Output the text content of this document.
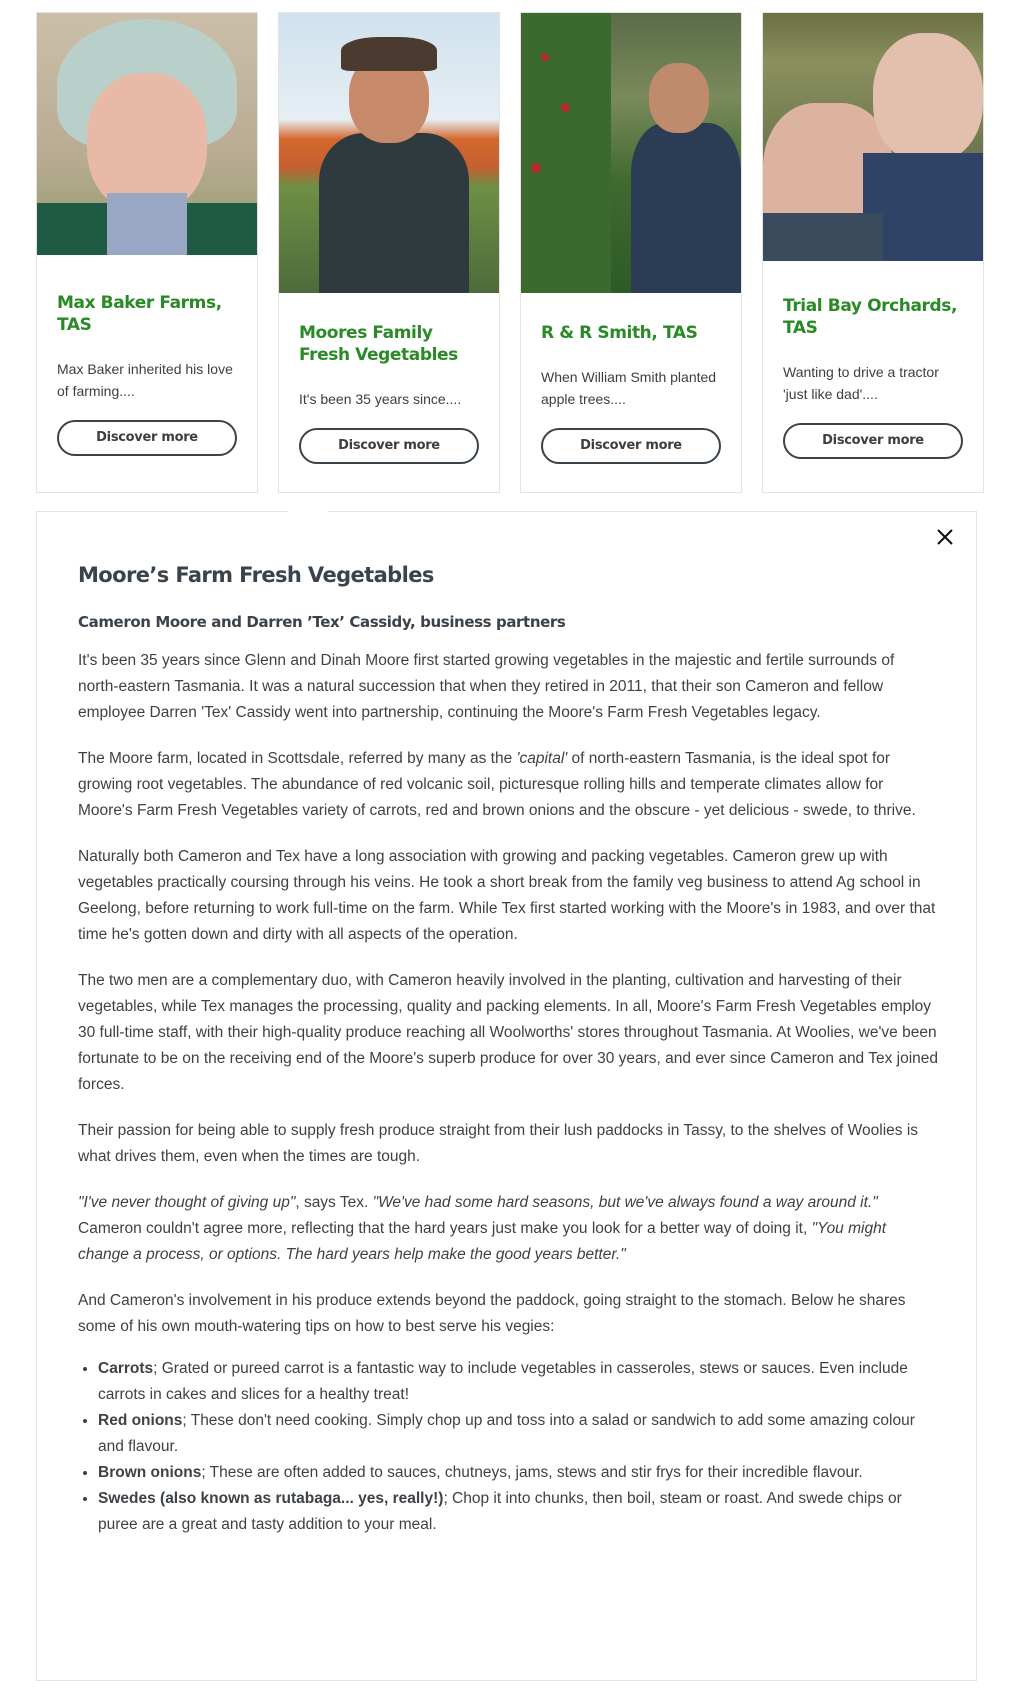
Max Baker Farms, TAS

Max Baker inherited his love of farming....

Discover more
Moores Family Fresh Vegetables

It's been 35 years since....

Discover more
R & R Smith, TAS

When William Smith planted apple trees....

Discover more
Trial Bay Orchards, TAS

Wanting to drive a tractor 'just like dad'....

Discover more
Moore’s Farm Fresh Vegetables
Cameron Moore and Darren ’Tex’ Cassidy, business partners

It's been 35 years since Glenn and Dinah Moore first started growing vegetables in the majestic and fertile surrounds of north-eastern Tasmania. It was a natural succession that when they retired in 2011, that their son Cameron and fellow employee Darren 'Tex' Cassidy went into partnership, continuing the Moore's Farm Fresh Vegetables legacy.

The Moore farm, located in Scottsdale, referred by many as the 'capital' of north-eastern Tasmania, is the ideal spot for growing root vegetables. The abundance of red volcanic soil, picturesque rolling hills and temperate climates allow for Moore's Farm Fresh Vegetables variety of carrots, red and brown onions and the obscure - yet delicious - swede, to thrive.

Naturally both Cameron and Tex have a long association with growing and packing vegetables. Cameron grew up with vegetables practically coursing through his veins. He took a short break from the family veg business to attend Ag school in Geelong, before returning to work full-time on the farm. While Tex first started working with the Moore's in 1983, and over that time he's gotten down and dirty with all aspects of the operation.

The two men are a complementary duo, with Cameron heavily involved in the planting, cultivation and harvesting of their vegetables, while Tex manages the processing, quality and packing elements. In all, Moore's Farm Fresh Vegetables employ 30 full-time staff, with their high-quality produce reaching all Woolworths' stores throughout Tasmania. At Woolies, we've been fortunate to be on the receiving end of the Moore's superb produce for over 30 years, and ever since Cameron and Tex joined forces.

Their passion for being able to supply fresh produce straight from their lush paddocks in Tassy, to the shelves of Woolies is what drives them, even when the times are tough.

"I've never thought of giving up", says Tex. "We've had some hard seasons, but we've always found a way around it." Cameron couldn't agree more, reflecting that the hard years just make you look for a better way of doing it, "You might change a process, or options. The hard years help make the good years better."

And Cameron's involvement in his produce extends beyond the paddock, going straight to the stomach. Below he shares some of his own mouth-watering tips on how to best serve his vegies:

• Carrots; Grated or pureed carrot is a fantastic way to include vegetables in casseroles, stews or sauces. Even include carrots in cakes and slices for a healthy treat!
• Red onions; These don't need cooking. Simply chop up and toss into a salad or sandwich to add some amazing colour and flavour.
• Brown onions; These are often added to sauces, chutneys, jams, stews and stir frys for their incredible flavour.
• Swedes (also known as rutabaga... yes, really!); Chop it into chunks, then boil, steam or roast. And swede chips or puree are a great and tasty addition to your meal.
